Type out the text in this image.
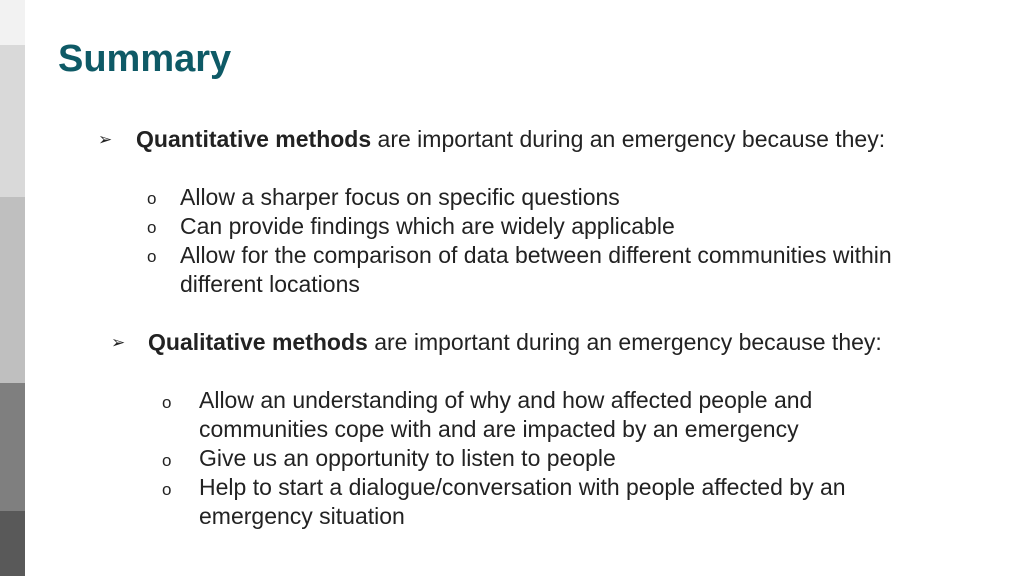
Summary
➢ Quantitative methods are important during an emergency because they:
o Allow a sharper focus on specific questions
o Can provide findings which are widely applicable
o Allow for the comparison of data between different communities within
different locations
➢ Qualitative methods are important during an emergency because they:
o Allow an understanding of why and how affected people and
communities cope with and are impacted by an emergency
o Give us an opportunity to listen to people
o Help to start a dialogue/conversation with people affected by an
emergency situation
